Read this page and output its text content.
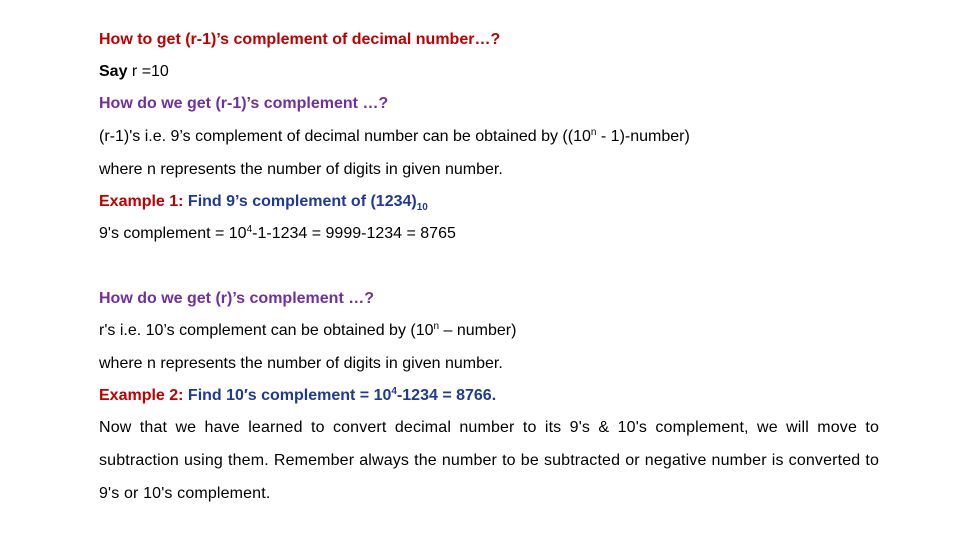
How to get (r-1)’s complement of decimal number…?
Say r =10
How do we get (r-1)’s complement …?
(r-1)'s i.e. 9’s complement of decimal number can be obtained by ((10$^n$ - 1)-number)
where n represents the number of digits in given number.
Example 1: Find 9’s complement of $(1234)_{10}$
9's complement = $10^4-1-1234 = 9999-1234 = 8765$
How do we get (r)’s complement …?
r's i.e. 10’s complement can be obtained by (10$^n$ – number)
where n represents the number of digits in given number.
Example 2: Find 10′s complement = $10^4-1234 = 8766$.
Now that we have learned to convert decimal number to its 9's & 10's complement, we will move to subtraction using them. Remember always the number to be subtracted or negative number is converted to 9's or 10's complement.
